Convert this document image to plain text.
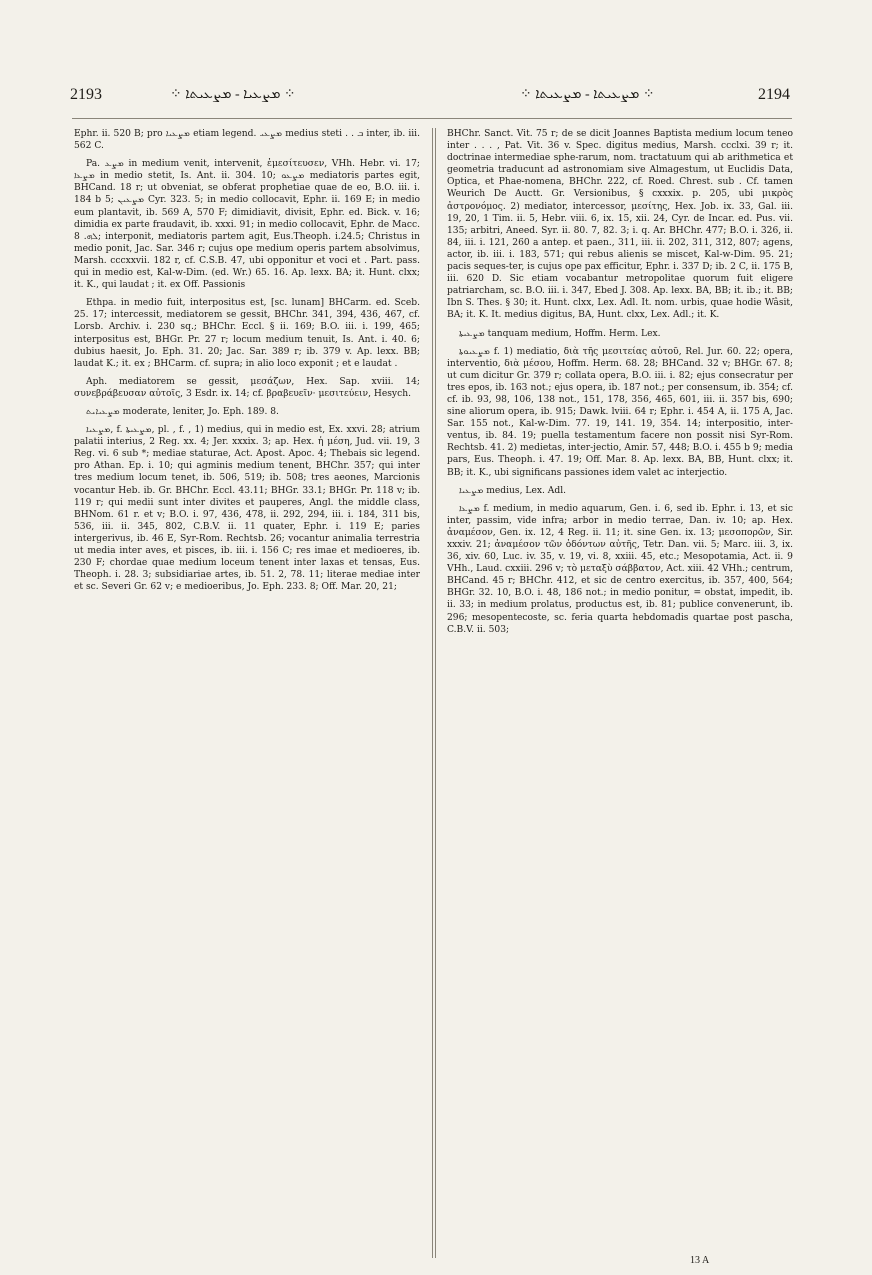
2193	⁘ ܡܨܥܝܐ - ܡܨܥܝܬܐ ⁘	⁘ ܡܨܥܝܬܐ - ܡܨܥܝܬܐ ⁘	2194

Ephr. ii. 520 B; pro ܡܨܥܝܐ etiam legend. ܡܨܥܝ medius steti . . ܒ inter, ib. iii. 562 C.

Pa. ܡܨܥ in medium venit, intervenit, ἐμεσίτευσεν, VHh. Hebr. vi. 17; ܡܨܥܐ in medio stetit, Is. Ant. ii. 304. 10; ܡܨܥܘ mediatoris partes egit, BHCand. 18 r; ut obveniat, se obferat prophetiae quae de eo, B.O. iii. i. 184 b 5; ܡܨܥܝܢ Cyr. 323. 5; in medio collocavit, Ephr. ii. 169 E; in medio eum plantavit, ib. 569 A, 570 F; dimidiavit, divisit, Ephr. ed. Bick. v. 16; dimidia ex parte fraudavit, ib. xxxi. 91; in medio collocavit, Ephr. de Macc. ܠܗ. 8; interponit, mediatoris partem agit, Eus.Theoph. i.24.5; Christus in medio ponit, Jac. Sar. 346 r; cujus ope medium operis partem absolvimus, Marsh. cccxxvii. 182 r, cf. C.S.B. 47, ubi opponitur et voci et . Part. pass. qui in medio est, Kal-w-Dim. (ed. Wr.) 65. 16. Ap. lexx. BA; it. Hunt. clxx; it. K., qui laudat ; it. ex Off. Passionis

Ethpa. in medio fuit, interpositus est, [sc. lunam] BHCarm. ed. Sceb. 25. 17; intercessit, mediatorem se gessit, BHChr. 341, 394, 436, 467, cf. Lorsb. Archiv. i. 230 sq.; BHChr. Eccl. § ii. 169; B.O. iii. i. 199, 465; interpositus est, BHGr. Pr. 27 r; locum medium tenuit, Is. Ant. i. 40. 6; dubius haesit, Jo. Eph. 31. 20; Jac. Sar. 389 r; ib. 379 v. Ap. lexx. BB; laudat K.; it. ex ; BHCarm. cf. supra; in alio loco exponit ; et e laudat .

Aph. mediatorem se gessit, μεσάζων, Hex. Sap. xviii. 14; συνεβράβευσαν αὐτοῖς, 3 Esdr. ix. 14; cf. βραβευεῖν· μεσιτεύειν, Hesych.

ܡܨܥܝܐܝܬ moderate, leniter, Jo. Eph. 189. 8.

ܡܨܥܝܐ, f. ܡܨܥܝܬܐ, pl. , f. , 1) medius, qui in medio est, Ex. xxvi. 28; atrium palatii interius, 2 Reg. xx. 4; Jer. xxxix. 3; ap. Hex. ἡ μέση, Jud. vii. 19, 3 Reg. vi. 6 sub *; mediae staturae, Act. Apost. Apoc. 4; Thebais sic legend. pro Athan. Ep. i. 10; qui agminis medium tenent, BHChr. 357; qui inter tres medium locum tenet, ib. 506, 519; ib. 508; tres aeones, Marcionis vocantur Heb. ib. Gr. BHChr. Eccl. 43.11; BHGr. 33.1; BHGr. Pr. 118 v; ib. 119 r; qui medii sunt inter divites et pauperes, Angl. the middle class, BHNom. 61 r. et v; B.O. i. 97, 436, 478, ii. 292, 294, iii. i. 184, 311 bis, 536, iii. ii. 345, 802, C.B.V. ii. 11 quater, Ephr. i. 119 E; paries intergerivus, ib. 46 E, Syr-Rom. Rechtsb. 26; vocantur animalia terrestria ut media inter aves, et pisces, ib. iii. i. 156 C; res imae et medioeres, ib. 230 F; chordae quae medium loceum tenent inter laxas et tensas, Eus. Theoph. i. 28. 3; subsidiariae artes, ib. 51. 2, 78. 11; literae mediae inter et sc. Severi Gr. 62 v; e medioeribus, Jo. Eph. 233. 8; Off. Mar. 20, 21;

BHChr. Sanct. Vit. 75 r; de se dicit Joannes Baptista medium locum teneo inter . . . , Pat. Vit. 36 v. Spec. digitus medius, Marsh. ccclxi. 39 r; it. doctrinae intermediae sphe-rarum, nom. tractatuum qui ab arithmetica et geometria traducunt ad astronomiam sive Almagestum, ut Euclidis Data, Optica, et Phae-nomena, BHChr. 222, cf. Roed. Chrest. sub . Cf. tamen Weurich De Auctt. Gr. Versionibus, § cxxxix. p. 205, ubi μικρὸς ἀστρονόμος. 2) mediator, intercessor, μεσίτης, Hex. Job. ix. 33, Gal. iii. 19, 20, 1 Tim. ii. 5, Hebr. viii. 6, ix. 15, xii. 24, Cyr. de Incar. ed. Pus. vii. 135; arbitri, Aneed. Syr. ii. 80. 7, 82. 3; i. q. Ar. BHChr. 477; B.O. i. 326, ii. 84, iii. i. 121, 260 a antep. et paen., 311, iii. ii. 202, 311, 312, 807; agens, actor, ib. iii. i. 183, 571; qui rebus alienis se miscet, Kal-w-Dim. 95. 21; pacis seques-ter, is cujus ope pax efficitur, Ephr. i. 337 D; ib. 2 C, ii. 175 B, iii. 620 D. Sic etiam vocabantur metropolitae quorum fuit eligere patriarcham, sc. B.O. iii. i. 347, Ebed J. 308. Ap. lexx. BA, BB; it. ib.; it. BB; Ibn S. Thes. § 30; it. Hunt. clxx, Lex. Adl. It. nom. urbis, quae hodie Wâsit, BA; it. K. It. medius digitus, BA, Hunt. clxx, Lex. Adl.; it. K.

ܡܨܥܝܬܐ tanquam medium, Hoffm. Herm. Lex.

ܡܨܥܝܘܬܐ f. 1) mediatio, διὰ τῆς μεσιτείας αὐτοῦ, Rel. Jur. 60. 22; opera, interventio, διὰ μέσου, Hoffm. Herm. 68. 28; BHCand. 32 v; BHGr. 67. 8; ut cum dicitur Gr. 379 r; collata opera, B.O. iii. i. 82; ejus consecratur per tres epos, ib. 163 not.; ejus opera, ib. 187 not.; per consensum, ib. 354; cf. cf. ib. 93, 98, 106, 138 not., 151, 178, 356, 465, 601, iii. ii. 357 bis, 690; sine aliorum opera, ib. 915; Dawk. lviii. 64 r; Ephr. i. 454 A, ii. 175 A, Jac. Sar. 155 not., Kal-w-Dim. 77. 19, 141. 19, 354. 14; interpositio, inter-ventus, ib. 84. 19; puella testamentum facere non possit nisi Syr-Rom. Rechtsb. 41. 2) medietas, inter-jectio, Amir. 57, 448; B.O. i. 455 b 9; media pars, Eus. Theoph. i. 47. 19; Off. Mar. 8. Ap. lexx. BA, BB, Hunt. clxx; it. BB; it. K., ubi significans passiones idem valet ac interjectio.

ܡܨܥܝܐ medius, Lex. Adl.

ܡܨܥܐ f. medium, in medio aquarum, Gen. i. 6, sed ib. Ephr. i. 13, et sic inter, passim, vide infra; arbor in medio terrae, Dan. iv. 10; ap. Hex. ἀναμέσον, Gen. ix. 12, 4 Reg. ii. 11; it. sine Gen. ix. 13; μεσοπορῶν, Sir. xxxiv. 21; ἀναμέσον τῶν ὁδόντων αὐτῆς, Tetr. Dan. vii. 5; Marc. iii. 3, ix. 36, xiv. 60, Luc. iv. 35, v. 19, vi. 8, xxiii. 45, etc.; Mesopotamia, Act. ii. 9 VHh., Laud. cxxiii. 296 v; τὸ μεταξὺ σάββατον, Act. xiii. 42 VHh.; centrum, BHCand. 45 r; BHChr. 412, et sic de centro exercitus, ib. 357, 400, 564; BHGr. 32. 10, B.O. i. 48, 186 not.; in medio ponitur, = obstat, impedit, ib. ii. 33; in medium prolatus, productus est, ib. 81; publice convenerunt, ib. 296; mesopentecoste, sc. feria quarta hebdomadis quartae post pascha, C.B.V. ii. 503;

13 A
